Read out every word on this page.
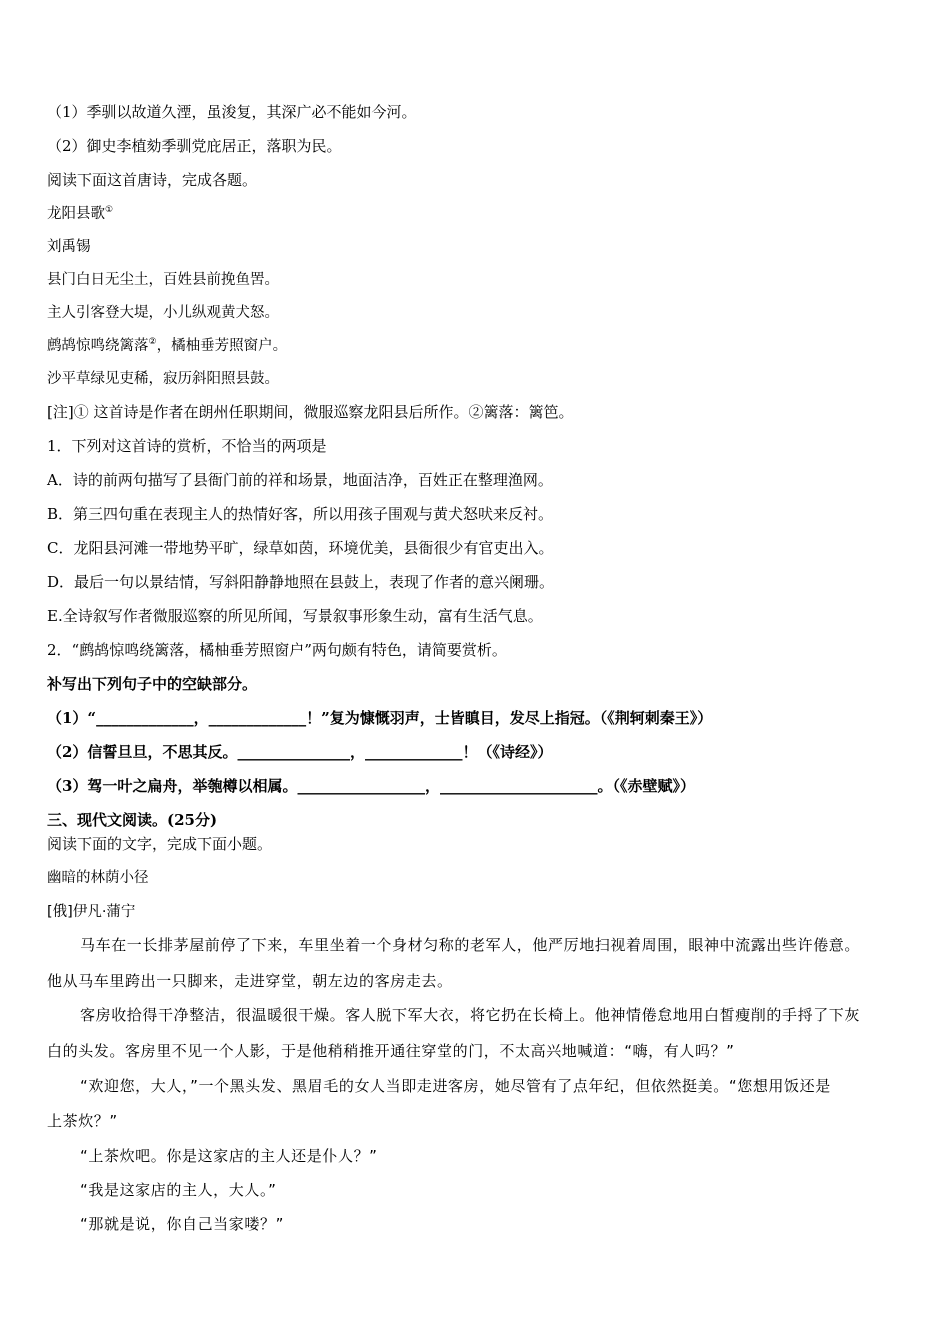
（1）季驯以故道久湮，虽浚复，其深广必不能如今河。
（2）御史李植劾季驯党庇居正，落职为民。
阅读下面这首唐诗，完成各题。
龙阳县歌①
刘禹锡
县门白日无尘土，百姓县前挽鱼罟。
主人引客登大堤，小儿纵观黄犬怒。
鹧鸪惊鸣绕篱落②，橘柚垂芳照窗户。
沙平草绿见吏稀，寂历斜阳照县鼓。
[注]① 这首诗是作者在朗州任职期间，微服巡察龙阳县后所作。②篱落：篱笆。
1．下列对这首诗的赏析，不恰当的两项是
A．诗的前两句描写了县衙门前的祥和场景，地面洁净，百姓正在整理渔网。
B．第三四句重在表现主人的热情好客，所以用孩子围观与黄犬怒吠来反衬。
C．龙阳县河滩一带地势平旷，绿草如茵，环境优美，县衙很少有官吏出入。
D．最后一句以景结情，写斜阳静静地照在县鼓上，表现了作者的意兴阑珊。
E.全诗叙写作者微服巡察的所见所闻，写景叙事形象生动，富有生活气息。
2．“鹧鸪惊鸣绕篱落，橘柚垂芳照窗户”两句颇有特色，请简要赏析。
补写出下列句子中的空缺部分。
（1）“_____________，_____________！”复为慷慨羽声，士皆瞋目，发尽上指冠。（《荆轲刺秦王》）
（2）信誓旦旦，不思其反。_______________，_____________！（《诗经》）
（3）驾一叶之扁舟，举匏樽以相属。_________________，_____________________。（《赤壁赋》）
三、现代文阅读。(25分)
阅读下面的文字，完成下面小题。
幽暗的林荫小径
[俄]伊凡·蒲宁
马车在一长排茅屋前停了下来，车里坐着一个身材匀称的老军人，他严厉地扫视着周围，眼神中流露出些许倦意。
他从马车里跨出一只脚来，走进穿堂，朝左边的客房走去。
客房收拾得干净整洁，很温暖很干燥。客人脱下军大衣，将它扔在长椅上。他神情倦怠地用白皙瘦削的手捋了下灰
白的头发。客房里不见一个人影，于是他稍稍推开通往穿堂的门，不太高兴地喊道：“嗨，有人吗？”
“欢迎您，大人，”一个黑头发、黑眉毛的女人当即走进客房，她尽管有了点年纪，但依然挺美。“您想用饭还是
上茶炊？”
“上茶炊吧。你是这家店的主人还是仆人？”
“我是这家店的主人，大人。”
“那就是说，你自己当家喽？”
